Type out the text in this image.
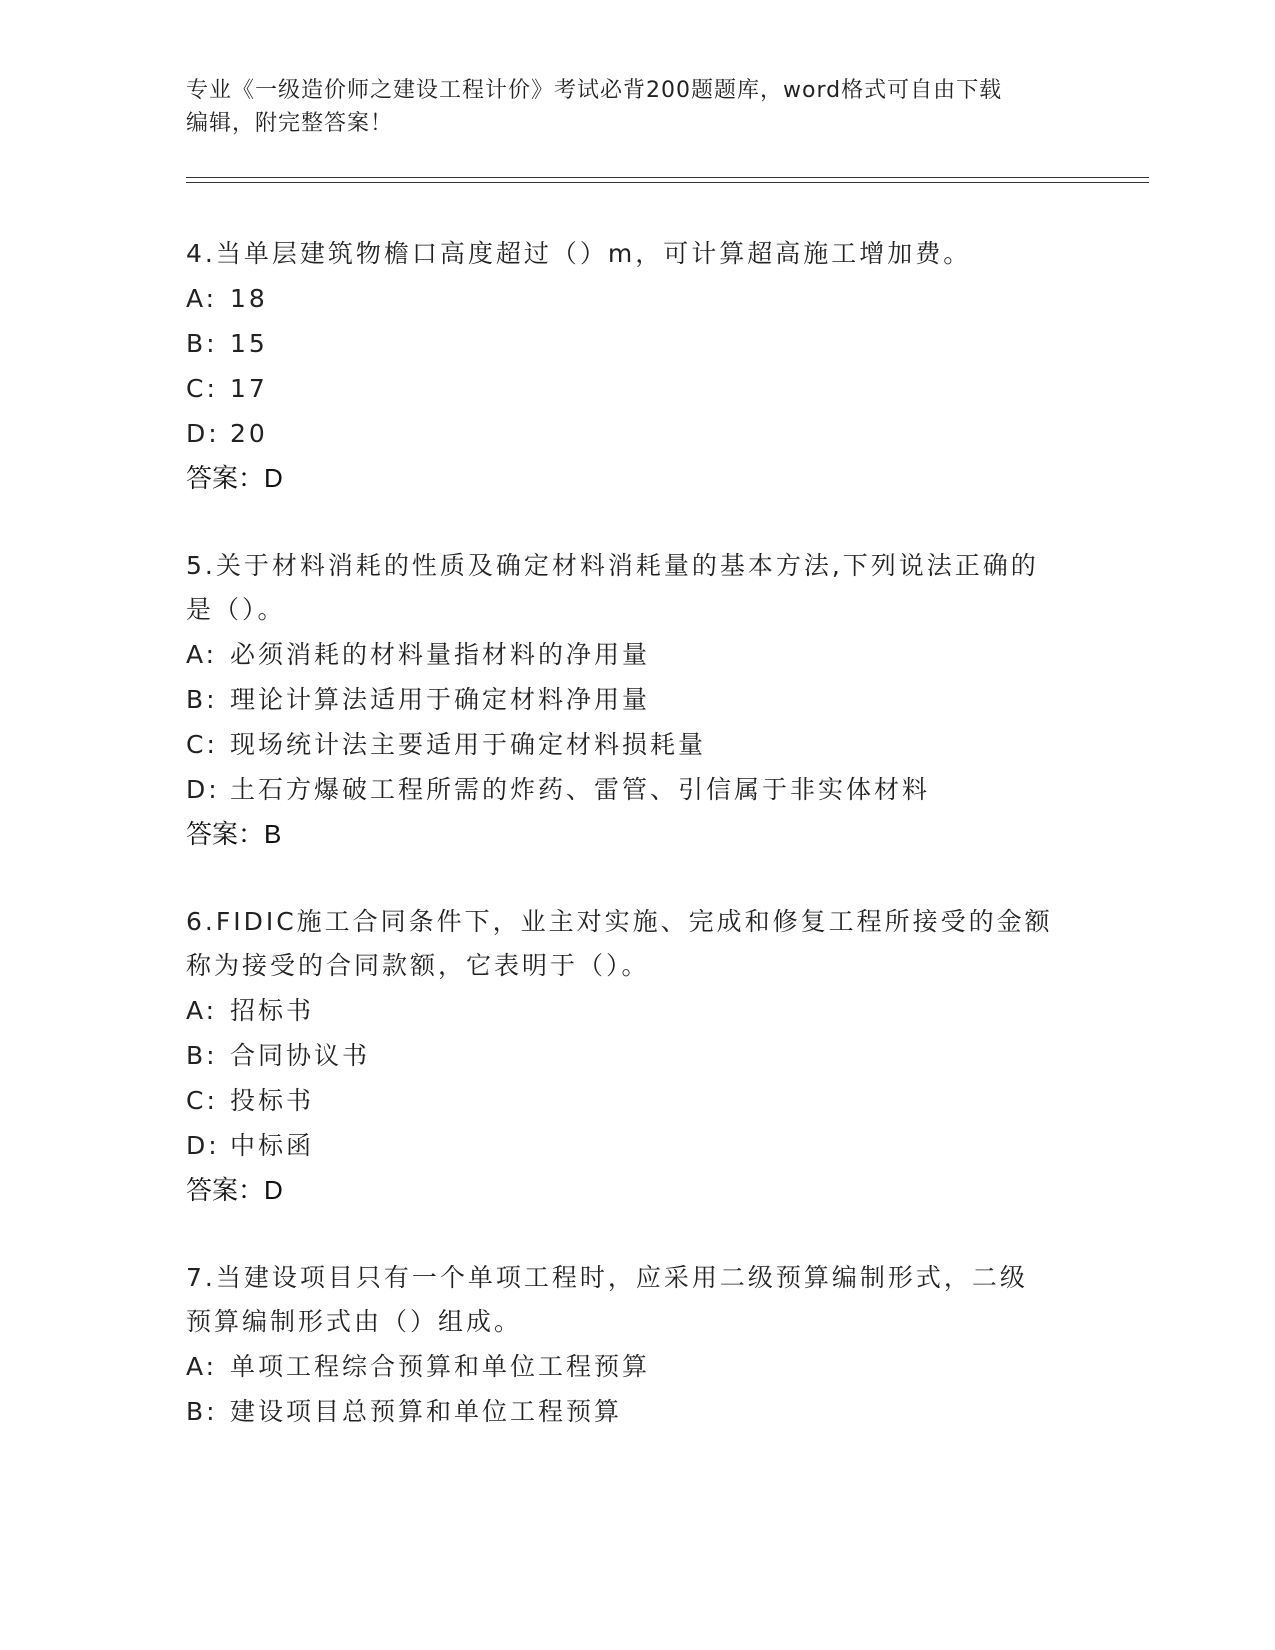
专业《一级造价师之建设工程计价》考试必背200题题库，word格式可自由下载
编辑，附完整答案！

4.当单层建筑物檐口高度超过（）m，可计算超高施工增加费。

A: 18

B: 15

C: 17

D: 20

答案：D

5.关于材料消耗的性质及确定材料消耗量的基本方法,下列说法正确的

是（）。

A: 必须消耗的材料量指材料的净用量

B: 理论计算法适用于确定材料净用量

C: 现场统计法主要适用于确定材料损耗量

D: 土石方爆破工程所需的炸药、雷管、引信属于非实体材料

答案：B

6.FIDIC施工合同条件下，业主对实施、完成和修复工程所接受的金额

称为接受的合同款额，它表明于（）。

A: 招标书

B: 合同协议书

C: 投标书

D: 中标函

答案：D

7.当建设项目只有一个单项工程时，应采用二级预算编制形式，二级

预算编制形式由（）组成。

A: 单项工程综合预算和单位工程预算

B: 建设项目总预算和单位工程预算
